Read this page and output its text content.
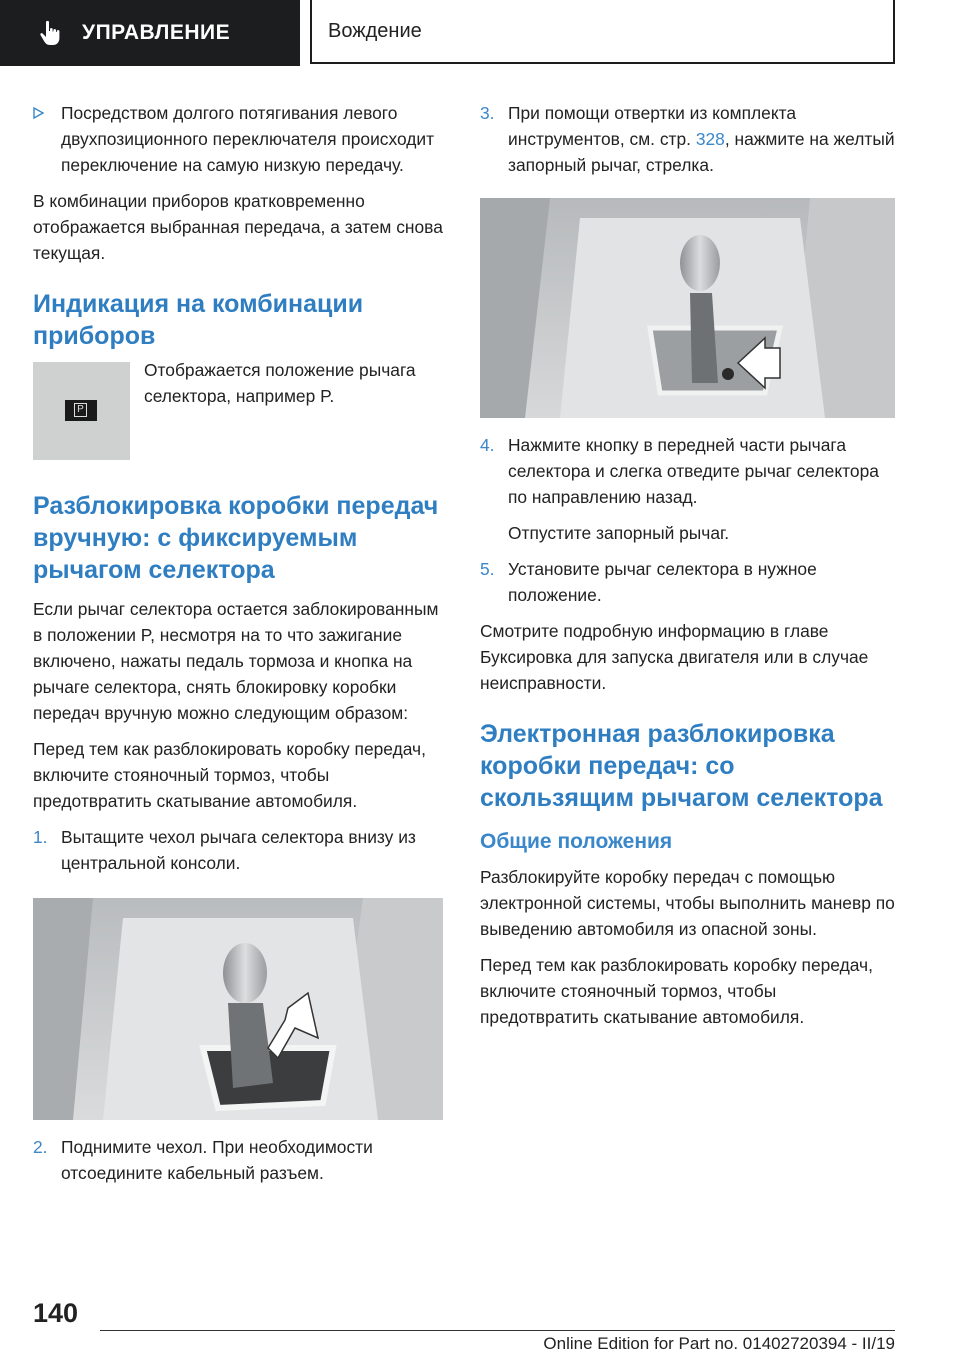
УПРАВЛЕНИЕ	Вождение
Посредством долгого потягивания левого двухпозиционного переключателя происходит переключение на самую низкую передачу.

В комбинации приборов кратковременно отображается выбранная передача, а затем снова текущая.

Индикация на комбинации приборов
P
Отображается положение рычага селектора, например P.
Разблокировка коробки передач вручную: с фиксируемым рычагом селектора

Если рычаг селектора остается заблокированным в положении P, несмотря на то что зажигание включено, нажаты педаль тормоза и кнопка на рычаге селектора, снять блокировку коробки передач вручную можно следующим образом:

Перед тем как разблокировать коробку передач, включите стояночный тормоз, чтобы предотвратить скатывание автомобиля.

1. Вытащите чехол рычага селектора внизу из центральной консоли.
2. Поднимите чехол. При необходимости отсоедините кабельный разъем.
3. При помощи отвертки из комплекта инструментов, см. стр. 328, нажмите на желтый запорный рычаг, стрелка.
4. Нажмите кнопку в передней части рычага селектора и слегка отведите рычаг селектора по направлению назад.

Отпустите запорный рычаг.

5. Установите рычаг селектора в нужное положение.

Смотрите подробную информацию в главе Буксировка для запуска двигателя или в случае неисправности.

Электронная разблокировка коробки передач: со скользящим рычагом селектора
Общие положения

Разблокируйте коробку передач с помощью электронной системы, чтобы выполнить маневр по выведению автомобиля из опасной зоны.

Перед тем как разблокировать коробку передач, включите стояночный тормоз, чтобы предотвратить скатывание автомобиля.

140
Online Edition for Part no. 01402720394 - II/19
